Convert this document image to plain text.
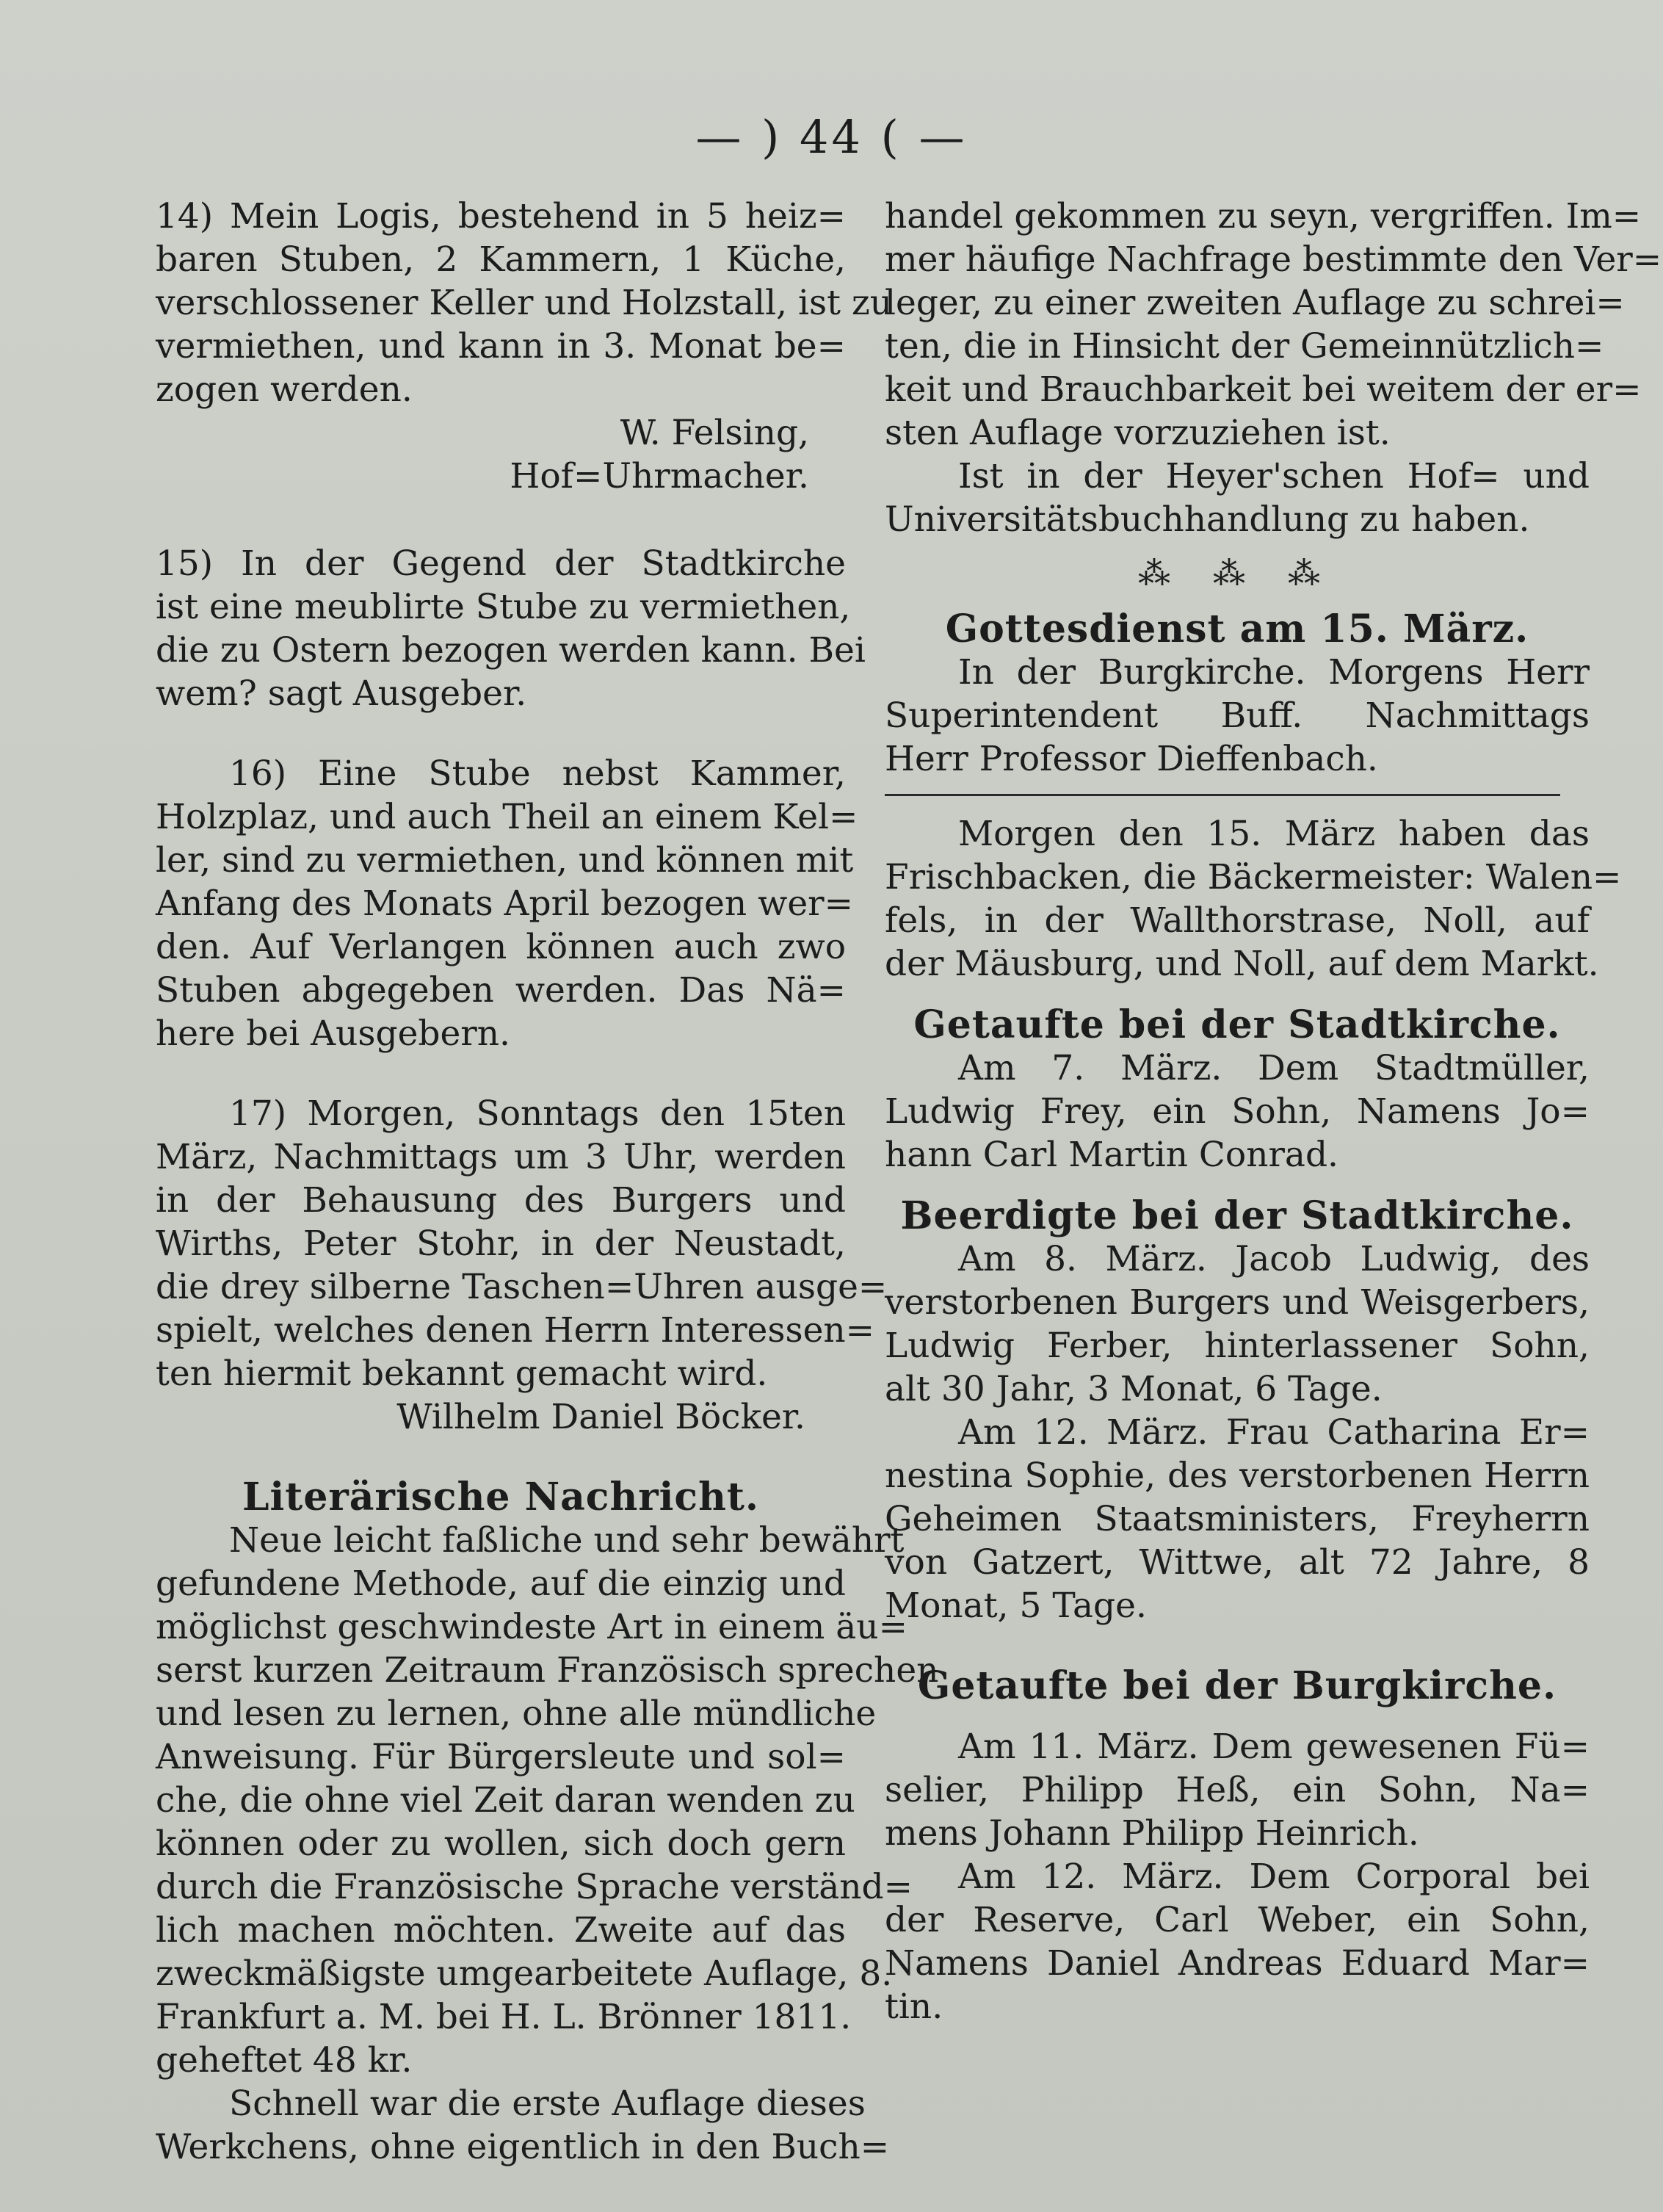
— ) 44 ( —
14) Mein Logis, bestehend in 5 heiz=
baren Stuben, 2 Kammern, 1 Küche,
verschlossener Keller und Holzstall, ist zu
vermiethen, und kann in 3. Monat be=
zogen werden.
W. Felsing,
Hof=Uhrmacher.
15) In der Gegend der Stadtkirche
ist eine meublirte Stube zu vermiethen,
die zu Ostern bezogen werden kann. Bei
wem? sagt Ausgeber.
16) Eine Stube nebst Kammer,
Holzplaz, und auch Theil an einem Kel=
ler, sind zu vermiethen, und können mit
Anfang des Monats April bezogen wer=
den. Auf Verlangen können auch zwo
Stuben abgegeben werden. Das Nä=
here bei Ausgebern.
17) Morgen, Sonntags den 15ten
März, Nachmittags um 3 Uhr, werden
in der Behausung des Burgers und
Wirths, Peter Stohr, in der Neustadt,
die drey silberne Taschen=Uhren ausge=
spielt, welches denen Herrn Interessen=
ten hiermit bekannt gemacht wird.
Wilhelm Daniel Böcker.
Literärische Nachricht.
Neue leicht faßliche und sehr bewährt
gefundene Methode, auf die einzig und
möglichst geschwindeste Art in einem äu=
serst kurzen Zeitraum Französisch sprechen
und lesen zu lernen, ohne alle mündliche
Anweisung. Für Bürgersleute und sol=
che, die ohne viel Zeit daran wenden zu
können oder zu wollen, sich doch gern
durch die Französische Sprache verständ=
lich machen möchten. Zweite auf das
zweckmäßigste umgearbeitete Auflage, 8.
Frankfurt a. M. bei H. L. Brönner 1811.
geheftet 48 kr.
Schnell war die erste Auflage dieses
Werkchens, ohne eigentlich in den Buch=
handel gekommen zu seyn, vergriffen. Im=
mer häufige Nachfrage bestimmte den Ver=
leger, zu einer zweiten Auflage zu schrei=
ten, die in Hinsicht der Gemeinnützlich=
keit und Brauchbarkeit bei weitem der er=
sten Auflage vorzuziehen ist.
Ist in der Heyer'schen Hof= und
Universitätsbuchhandlung zu haben.
⁂ ⁂ ⁂
Gottesdienst am 15. März.
In der Burgkirche. Morgens Herr
Superintendent Buff. Nachmittags
Herr Professor Dieffenbach.
Morgen den 15. März haben das
Frischbacken, die Bäckermeister: Walen=
fels, in der Wallthorstrase, Noll, auf
der Mäusburg, und Noll, auf dem Markt.
Getaufte bei der Stadtkirche.
Am 7. März. Dem Stadtmüller,
Ludwig Frey, ein Sohn, Namens Jo=
hann Carl Martin Conrad.
Beerdigte bei der Stadtkirche.
Am 8. März. Jacob Ludwig, des
verstorbenen Burgers und Weisgerbers,
Ludwig Ferber, hinterlassener Sohn,
alt 30 Jahr, 3 Monat, 6 Tage.
Am 12. März. Frau Catharina Er=
nestina Sophie, des verstorbenen Herrn
Geheimen Staatsministers, Freyherrn
von Gatzert, Wittwe, alt 72 Jahre, 8
Monat, 5 Tage.
Getaufte bei der Burgkirche.
Am 11. März. Dem gewesenen Fü=
selier, Philipp Heß, ein Sohn, Na=
mens Johann Philipp Heinrich.
Am 12. März. Dem Corporal bei
der Reserve, Carl Weber, ein Sohn,
Namens Daniel Andreas Eduard Mar=
tin.
